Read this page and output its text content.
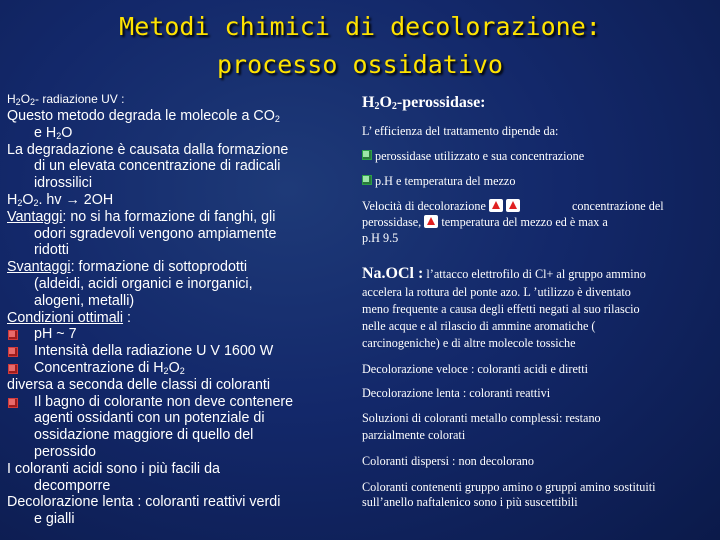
Metodi chimici di decolorazione:
processo ossidativo
$H_2O_2-$ radiazione UV :
Questo metodo degrada le molecole a $CO_2$
e $H_2O$
La degradazione è causata dalla formazione
di un elevata concentrazione di radicali
idrossilici
$H_2O_2$. hv → 2OH
Vantaggi: no si ha formazione di fanghi, gli
odori sgradevoli vengono ampiamente
ridotti
Svantaggi: formazione di sottoprodotti
(aldeidi, acidi organici e inorganici,
alogeni, metalli)
Condizioni ottimali :
pH ~ 7
Intensità della radiazione U V 1600 W
Concentrazione di $H_2O_2$
diversa a seconda delle classi di coloranti
Il bagno di colorante non deve contenere
agenti ossidanti con un potenziale di
ossidazione maggiore di quello del
perossido
I coloranti acidi sono i più facili da
decomporre
Decolorazione lenta : coloranti reattivi verdi
e gialli
$H_2O_2$-perossidase:
L’ efficienza del trattamento dipende da:
perossidase utilizzato e sua concentrazione
p.H e temperatura del mezzo
Velocità di decolorazione	concentrazione del
perossidase, temperatura del mezzo ed è max a
p.H 9.5
Na.OCl : l’attacco elettrofilo di Cl+ al gruppo ammino
accelera la rottura del ponte azo. L ’utilizzo è diventato
meno frequente a causa degli effetti negati al suo rilascio
nelle acque e al rilascio di ammine aromatiche (
carcinogeniche) e di altre molecole tossiche
Decolorazione veloce : coloranti acidi e diretti
Decolorazione lenta : coloranti reattivi
Soluzioni di coloranti metallo complessi: restano
parzialmente colorati
Coloranti dispersi : non decolorano
Coloranti contenenti gruppo amino o gruppi amino sostituiti
sull’anello naftalenico sono i più suscettibili
